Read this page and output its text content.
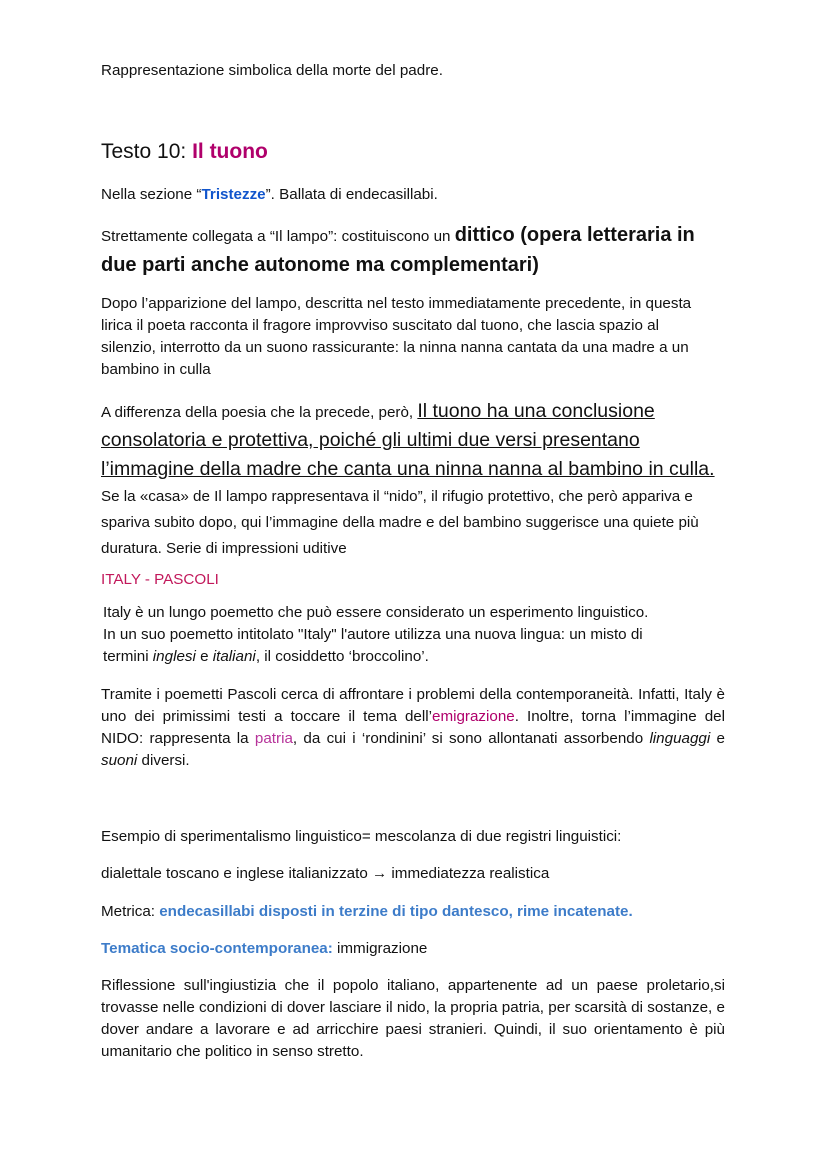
Rappresentazione simbolica della morte del padre.

Testo 10: Il tuono

Nella sezione “Tristezze”. Ballata di endecasillabi.

Strettamente collegata a “Il lampo”: costituiscono un dittico (opera letteraria in due parti anche autonome ma complementari)

Dopo l’apparizione del lampo, descritta nel testo immediatamente precedente, in questa lirica il poeta racconta il fragore improvviso suscitato dal tuono, che lascia spazio al silenzio, interrotto da un suono rassicurante: la ninna nanna cantata da una madre a un bambino in culla

A differenza della poesia che la precede, però, Il tuono ha una conclusione consolatoria e protettiva, poiché gli ultimi due versi presentano l’immagine della madre che canta una ninna nanna al bambino in culla. Se la «casa» de Il lampo rappresentava il “nido”, il rifugio protettivo, che però appariva e spariva subito dopo, qui l’immagine della madre e del bambino suggerisce una quiete più duratura. Serie di impressioni uditive

ITALY - PASCOLI

Italy è un lungo poemetto che può essere considerato un esperimento linguistico.
In un suo poemetto intitolato "Italy" l'autore utilizza una nuova lingua: un misto di
termini inglesi e italiani, il cosiddetto ‘broccolino’.

Tramite i poemetti Pascoli cerca di affrontare i problemi della contemporaneità. Infatti, Italy è uno dei primissimi testi a toccare il tema dell’emigrazione. Inoltre, torna l’immagine del NIDO: rappresenta la patria, da cui i ‘rondinini’ si sono allontanati assorbendo linguaggi e suoni diversi.

Esempio di sperimentalismo linguistico= mescolanza di due registri linguistici:

dialettale toscano e inglese italianizzato → immediatezza realistica

Metrica: endecasillabi disposti in terzine di tipo dantesco, rime incatenate.

Tematica socio-contemporanea: immigrazione

Riflessione sull'ingiustizia che il popolo italiano, appartenente ad un paese proletario,si trovasse nelle condizioni di dover lasciare il nido, la propria patria, per scarsità di sostanze, e dover andare a lavorare e ad arricchire paesi stranieri. Quindi, il suo orientamento è più umanitario che politico in senso stretto.
